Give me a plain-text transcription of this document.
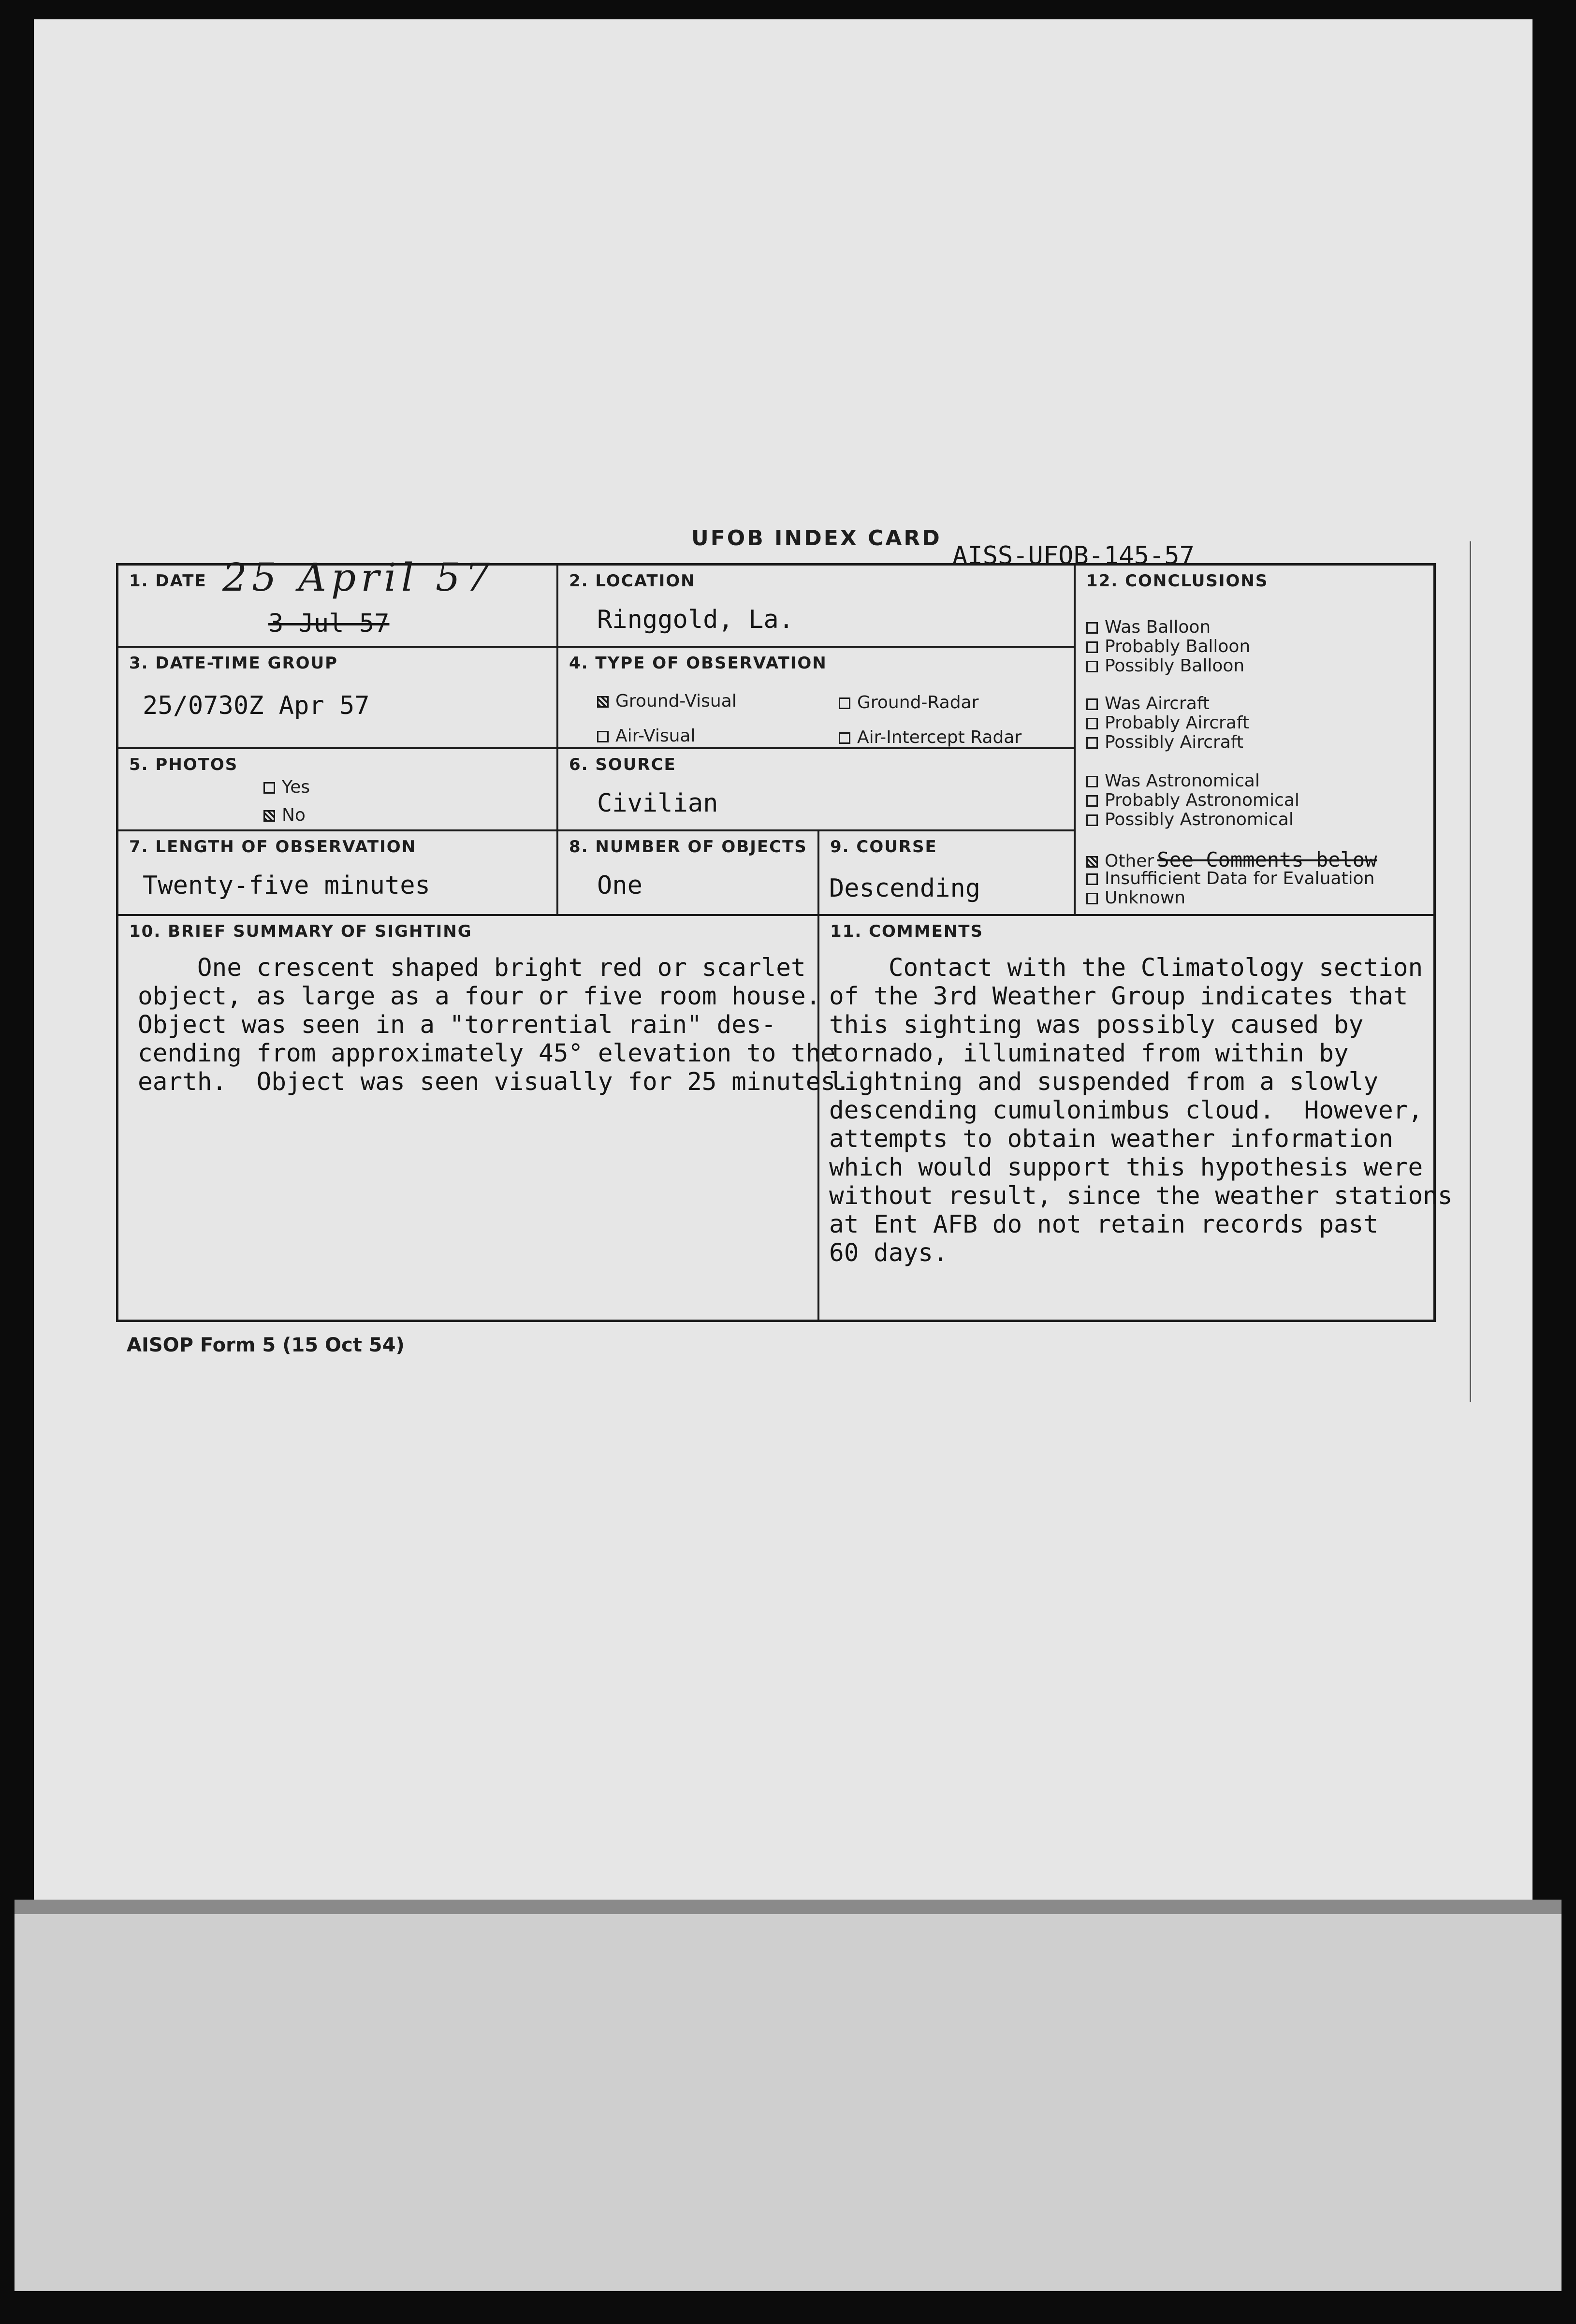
UFOB INDEX CARD
AISS-UFOB-145-57
1. DATE 25 April 57
3 Jul 57
2. LOCATION
Ringgold, La.
3. DATE-TIME GROUP
25/0730Z Apr 57
4. TYPE OF OBSERVATION
Ground-Visual	Ground-Radar
Air-Visual	Air-Intercept Radar
5. PHOTOS
Yes
No
6. SOURCE
Civilian
7. LENGTH OF OBSERVATION
Twenty-five minutes
8. NUMBER OF OBJECTS
One
9. COURSE
Descending
12. CONCLUSIONS
Was Balloon
Probably Balloon
Possibly Balloon
Was Aircraft
Probably Aircraft
Possibly Aircraft
Was Astronomical
Probably Astronomical
Possibly Astronomical
Other See Comments below
Insufficient Data for Evaluation
Unknown
10. BRIEF SUMMARY OF SIGHTING
One crescent shaped bright red or scarlet
object, as large as a four or five room house.
Object was seen in a "torrential rain" des-
cending from approximately 45° elevation to the
earth.  Object was seen visually for 25 minutes.
11. COMMENTS
Contact with the Climatology section
of the 3rd Weather Group indicates that
this sighting was possibly caused by
tornado, illuminated from within by
lightning and suspended from a slowly
descending cumulonimbus cloud.  However,
attempts to obtain weather information
which would support this hypothesis were
without result, since the weather stations
at Ent AFB do not retain records past
60 days.
AISOP Form 5 (15 Oct 54)
